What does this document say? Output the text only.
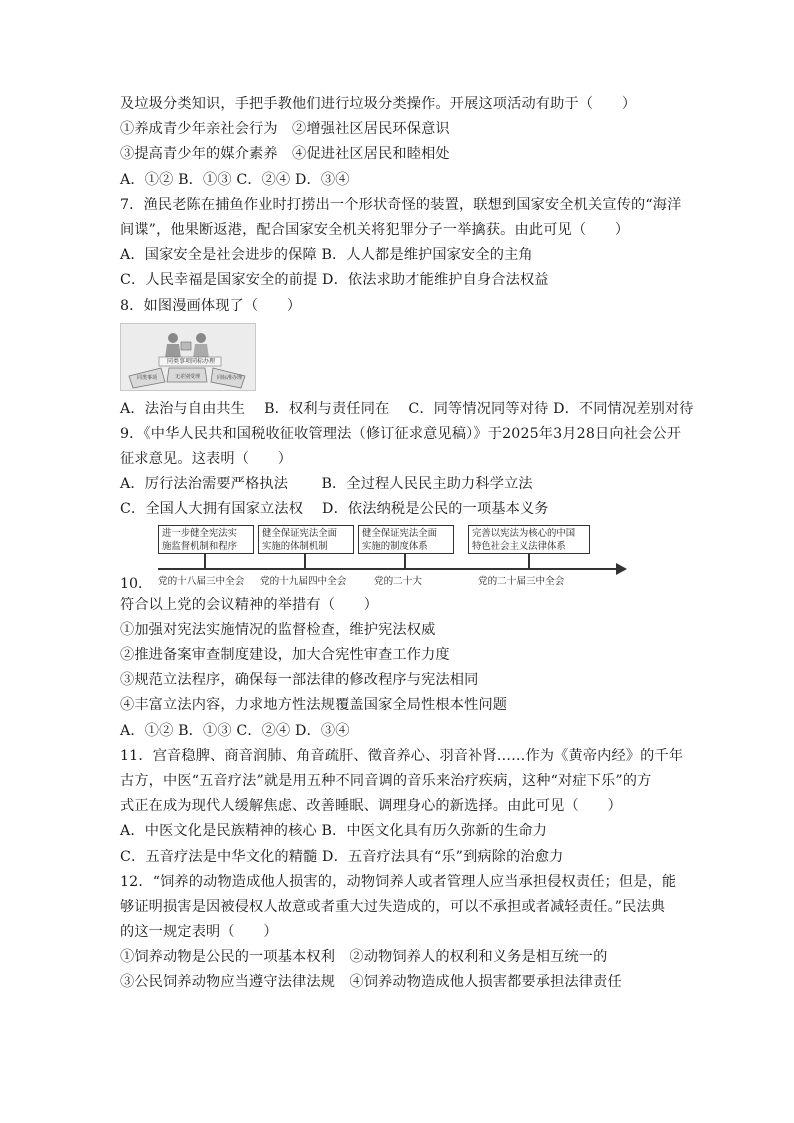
及垃圾分类知识，手把手教他们进行垃圾分类操作。开展这项活动有助于（　　）
①养成青少年亲社会行为　②增强社区居民环保意识
③提高青少年的媒介素养　④促进社区居民和睦相处
A．①② B．①③ C．②④ D．③④
7．渔民老陈在捕鱼作业时打捞出一个形状奇怪的装置，联想到国家安全机关宣传的“海洋
间谍”，他果断返港，配合国家安全机关将犯罪分子一举擒获。由此可见（　　）
A．国家安全是社会进步的保障 B．人人都是维护国家安全的主角
C．人民幸福是国家安全的前提 D．依法求助才能维护自身合法权益
8．如图漫画体现了（　　）
同类事项同标办理
同类事项	无差别受理	同标准办理
A．法治与自由共生　 B．权利与责任同在　 C．同等情况同等对待 D．不同情况差别对待
9．《中华人民共和国税收征收管理法（修订征求意见稿）》于2025年3月28日向社会公开
征求意见。这表明（　　）
A．厉行法治需要严格执法　　 B．全过程人民民主助力科学立法
C．全国人大拥有国家立法权　 D．依法纳税是公民的一项基本义务
10．
进一步健全宪法实
施监督机制和程序
健全保证宪法全面
实施的体制机制
健全保证宪法全面
实施的制度体系
完善以宪法为核心的中国
特色社会主义法律体系
党的十八届三中全会 党的十九届四中全会	党的二十大	党的二十届三中全会
符合以上党的会议精神的举措有（　　）
①加强对宪法实施情况的监督检查，维护宪法权威
②推进备案审查制度建设，加大合宪性审查工作力度
③规范立法程序，确保每一部法律的修改程序与宪法相同
④丰富立法内容，力求地方性法规覆盖国家全局性根本性问题
A．①② B．①③ C．②④ D．③④
11．宫音稳脾、商音润肺、角音疏肝、徵音养心、羽音补肾……作为《黄帝内经》的千年
古方，中医“五音疗法”就是用五种不同音调的音乐来治疗疾病，这种“对症下乐”的方
式正在成为现代人缓解焦虑、改善睡眠、调理身心的新选择。由此可见（　　）
A．中医文化是民族精神的核心 B．中医文化具有历久弥新的生命力
C．五音疗法是中华文化的精髓 D．五音疗法具有“乐”到病除的治愈力
12．“饲养的动物造成他人损害的，动物饲养人或者管理人应当承担侵权责任；但是，能
够证明损害是因被侵权人故意或者重大过失造成的，可以不承担或者减轻责任。”民法典
的这一规定表明（　　）
①饲养动物是公民的一项基本权利　②动物饲养人的权利和义务是相互统一的
③公民饲养动物应当遵守法律法规　④饲养动物造成他人损害都要承担法律责任
